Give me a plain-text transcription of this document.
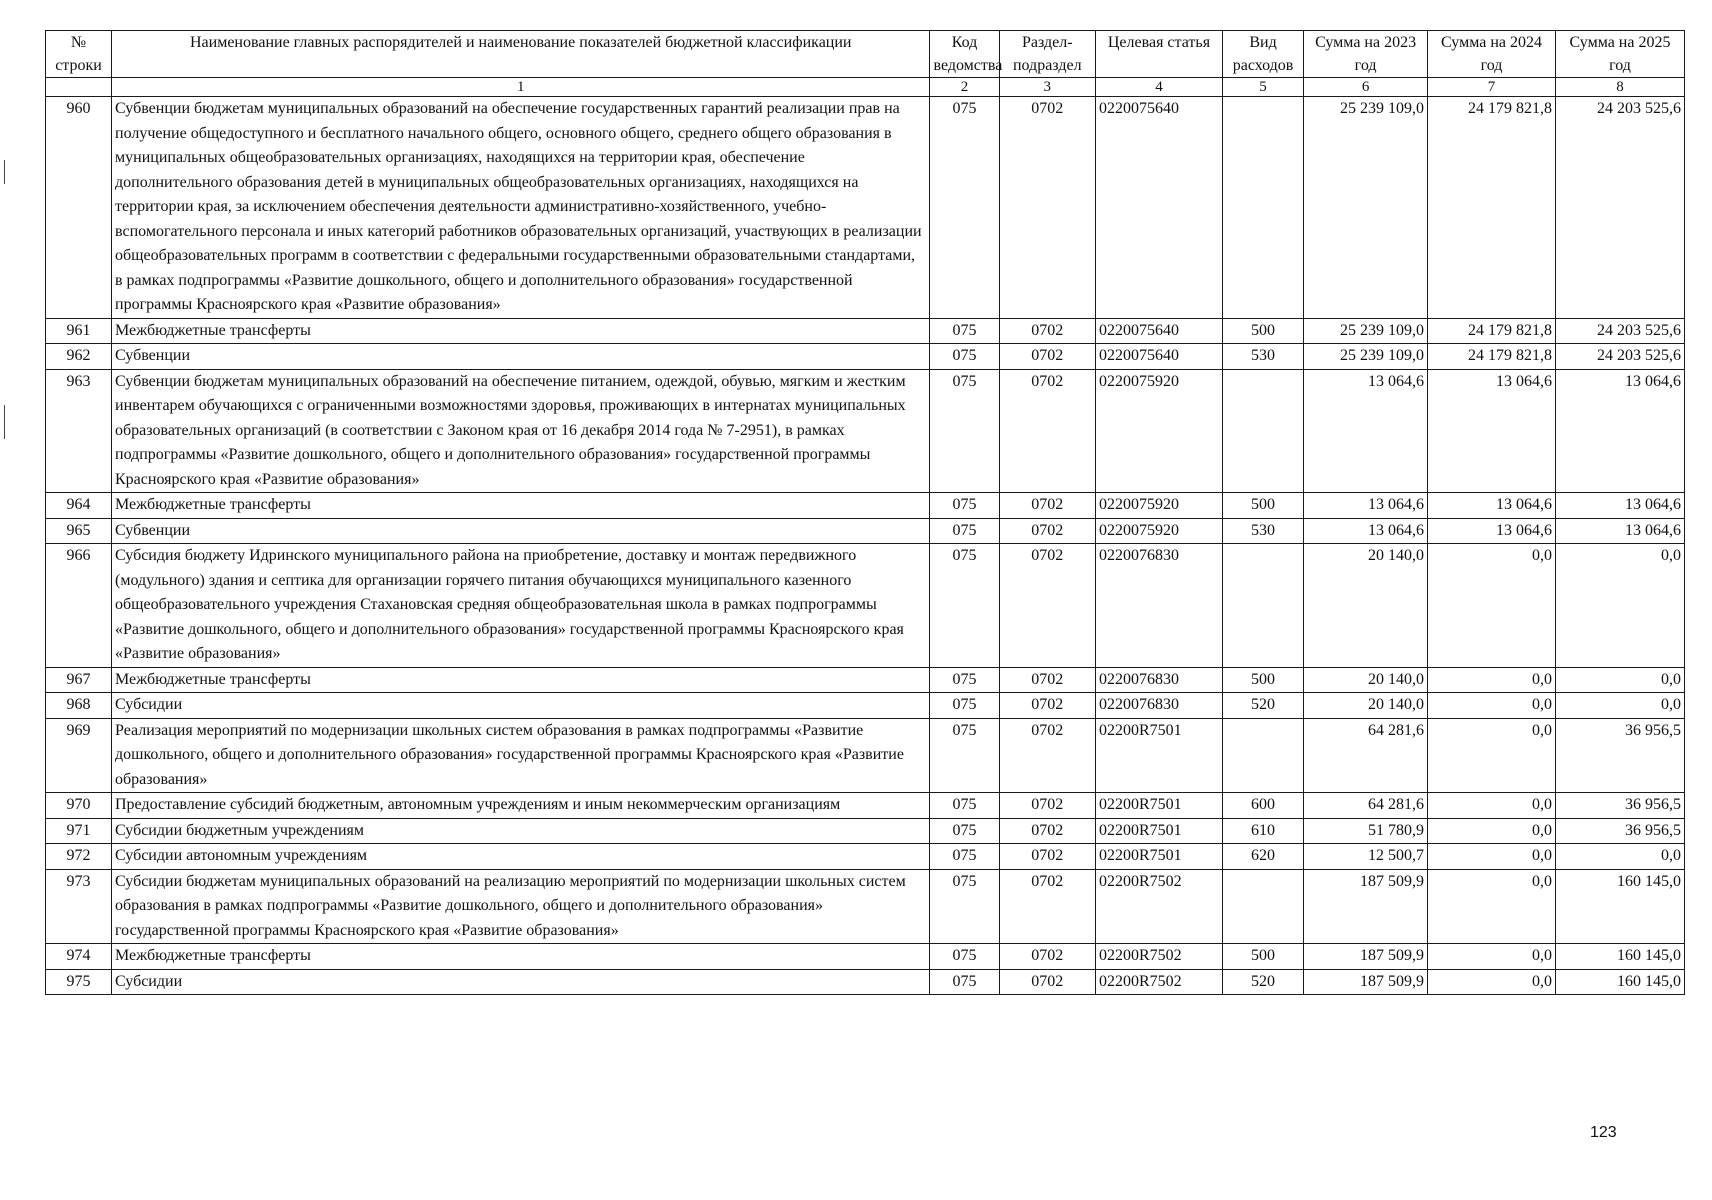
№ строки	Наименование главных распорядителей и наименование показателей бюджетной классификации	Код ведомства	Раздел-подраздел	Целевая статья	Вид расходов	Сумма на 2023 год	Сумма на 2024 год	Сумма на 2025 год
	1	2	3	4	5	6	7	8
960	Субвенции бюджетам муниципальных образований на обеспечение государственных гарантий реализации прав на получение общедоступного и бесплатного начального общего, основного общего, среднего общего образования в муниципальных общеобразовательных организациях, находящихся на территории края, обеспечение дополнительного образования детей в муниципальных общеобразовательных организациях, находящихся на территории края, за исключением обеспечения деятельности административно-хозяйственного, учебно-вспомогательного персонала и иных категорий работников образовательных организаций, участвующих в реализации общеобразовательных программ в соответствии с федеральными государственными образовательными стандартами, в рамках подпрограммы «Развитие дошкольного, общего и дополнительного образования» государственной программы Красноярского края «Развитие образования»	075	0702	0220075640		25 239 109,0	24 179 821,8	24 203 525,6
961	Межбюджетные трансферты	075	0702	0220075640	500	25 239 109,0	24 179 821,8	24 203 525,6
962	Субвенции	075	0702	0220075640	530	25 239 109,0	24 179 821,8	24 203 525,6
963	Субвенции бюджетам муниципальных образований на обеспечение питанием, одеждой, обувью, мягким и жестким инвентарем обучающихся с ограниченными возможностями здоровья, проживающих в интернатах муниципальных образовательных организаций (в соответствии с Законом края от 16 декабря 2014 года № 7-2951), в рамках подпрограммы «Развитие дошкольного, общего и дополнительного образования» государственной программы Красноярского края «Развитие образования»	075	0702	0220075920		13 064,6	13 064,6	13 064,6
964	Межбюджетные трансферты	075	0702	0220075920	500	13 064,6	13 064,6	13 064,6
965	Субвенции	075	0702	0220075920	530	13 064,6	13 064,6	13 064,6
966	Субсидия бюджету Идринского муниципального района на приобретение, доставку и монтаж передвижного (модульного) здания и септика для организации горячего питания обучающихся муниципального казенного общеобразовательного учреждения Стахановская средняя общеобразовательная школа в рамках подпрограммы «Развитие дошкольного, общего и дополнительного образования» государственной программы Красноярского края «Развитие образования»	075	0702	0220076830		20 140,0	0,0	0,0
967	Межбюджетные трансферты	075	0702	0220076830	500	20 140,0	0,0	0,0
968	Субсидии	075	0702	0220076830	520	20 140,0	0,0	0,0
969	Реализация мероприятий по модернизации школьных систем образования в рамках подпрограммы «Развитие дошкольного, общего и дополнительного образования» государственной программы Красноярского края «Развитие образования»	075	0702	02200R7501		64 281,6	0,0	36 956,5
970	Предоставление субсидий бюджетным, автономным учреждениям и иным некоммерческим организациям	075	0702	02200R7501	600	64 281,6	0,0	36 956,5
971	Субсидии бюджетным учреждениям	075	0702	02200R7501	610	51 780,9	0,0	36 956,5
972	Субсидии автономным учреждениям	075	0702	02200R7501	620	12 500,7	0,0	0,0
973	Субсидии бюджетам муниципальных образований на реализацию мероприятий по модернизации школьных систем образования в рамках подпрограммы «Развитие дошкольного, общего и дополнительного образования» государственной программы Красноярского края «Развитие образования»	075	0702	02200R7502		187 509,9	0,0	160 145,0
974	Межбюджетные трансферты	075	0702	02200R7502	500	187 509,9	0,0	160 145,0
975	Субсидии	075	0702	02200R7502	520	187 509,9	0,0	160 145,0
123
